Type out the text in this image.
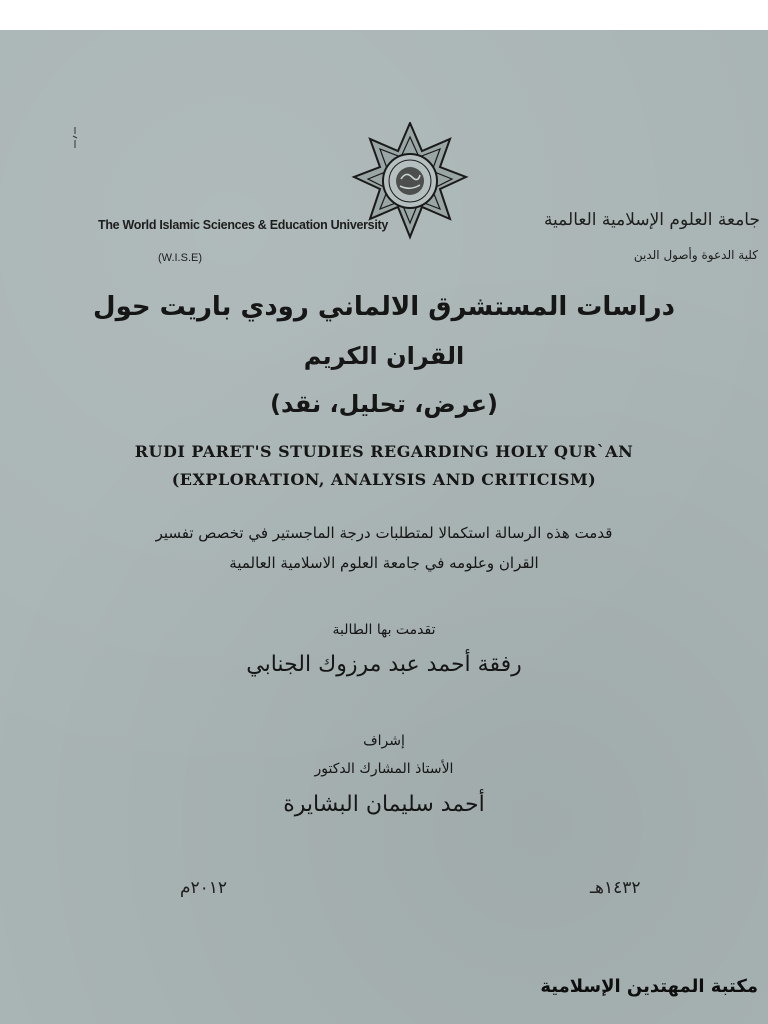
The World Islamic Sciences & Education University
(W.I.S.E)
جامعة العلوم الإسلامية العالمية
كلية الدعوة وأصول الدين
دراسات المستشرق الالماني رودي باريت حول
القران الكريم
(عرض، تحليل، نقد)
RUDI PARET'S STUDIES REGARDING HOLY QUR`AN
(EXPLORATION, ANALYSIS AND CRITICISM)
قدمت هذه الرسالة استكمالا لمتطلبات درجة الماجستير في تخصص تفسير
القران وعلومه في جامعة العلوم الاسلامية العالمية
تقدمت بها الطالبة
رفقة أحمد عبد مرزوك الجنابي
إشراف
الأستاذ المشارك الدكتور
أحمد سليمان البشايرة
٢٠١٢م	١٤٣٢هـ
مكتبة المهتدين الإسلامية
